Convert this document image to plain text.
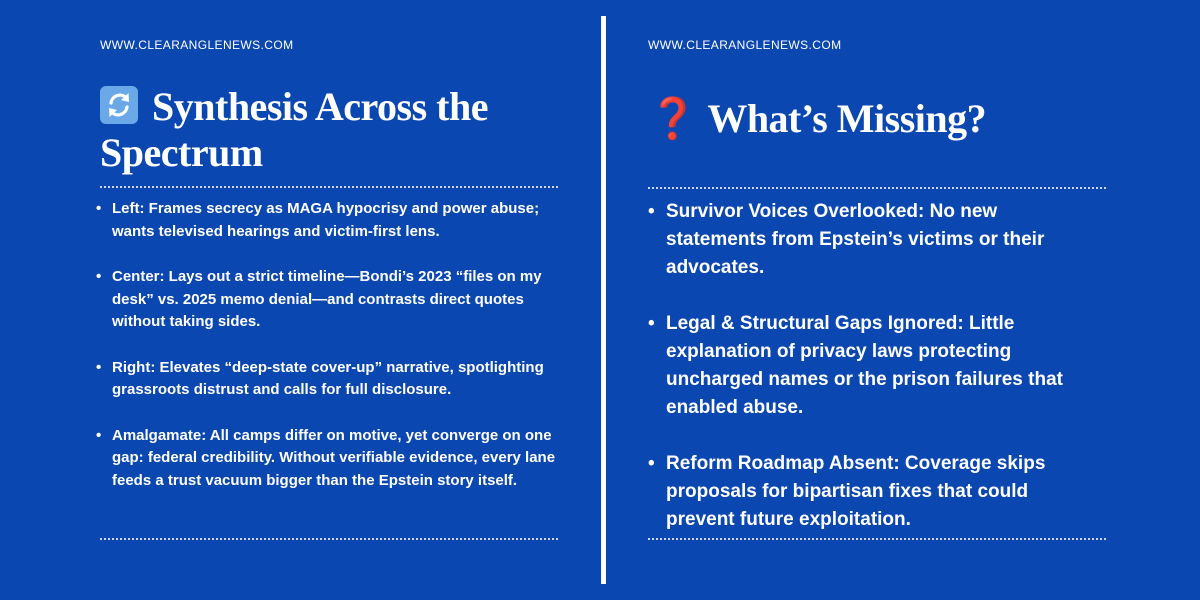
WWW.CLEARANGLENEWS.COM
Synthesis Across the Spectrum
• Left: Frames secrecy as MAGA hypocrisy and power abuse; wants televised hearings and victim-first lens.
• Center: Lays out a strict timeline—Bondi’s 2023 “files on my desk” vs. 2025 memo denial—and contrasts direct quotes without taking sides.
• Right: Elevates “deep-state cover-up” narrative, spotlighting grassroots distrust and calls for full disclosure.
• Amalgamate: All camps differ on motive, yet converge on one gap: federal credibility. Without verifiable evidence, every lane feeds a trust vacuum bigger than the Epstein story itself.
WWW.CLEARANGLENEWS.COM
❓ What’s Missing?
• Survivor Voices Overlooked: No new statements from Epstein’s victims or their advocates.
• Legal & Structural Gaps Ignored: Little explanation of privacy laws protecting uncharged names or the prison failures that enabled abuse.
• Reform Roadmap Absent: Coverage skips proposals for bipartisan fixes that could prevent future exploitation.
